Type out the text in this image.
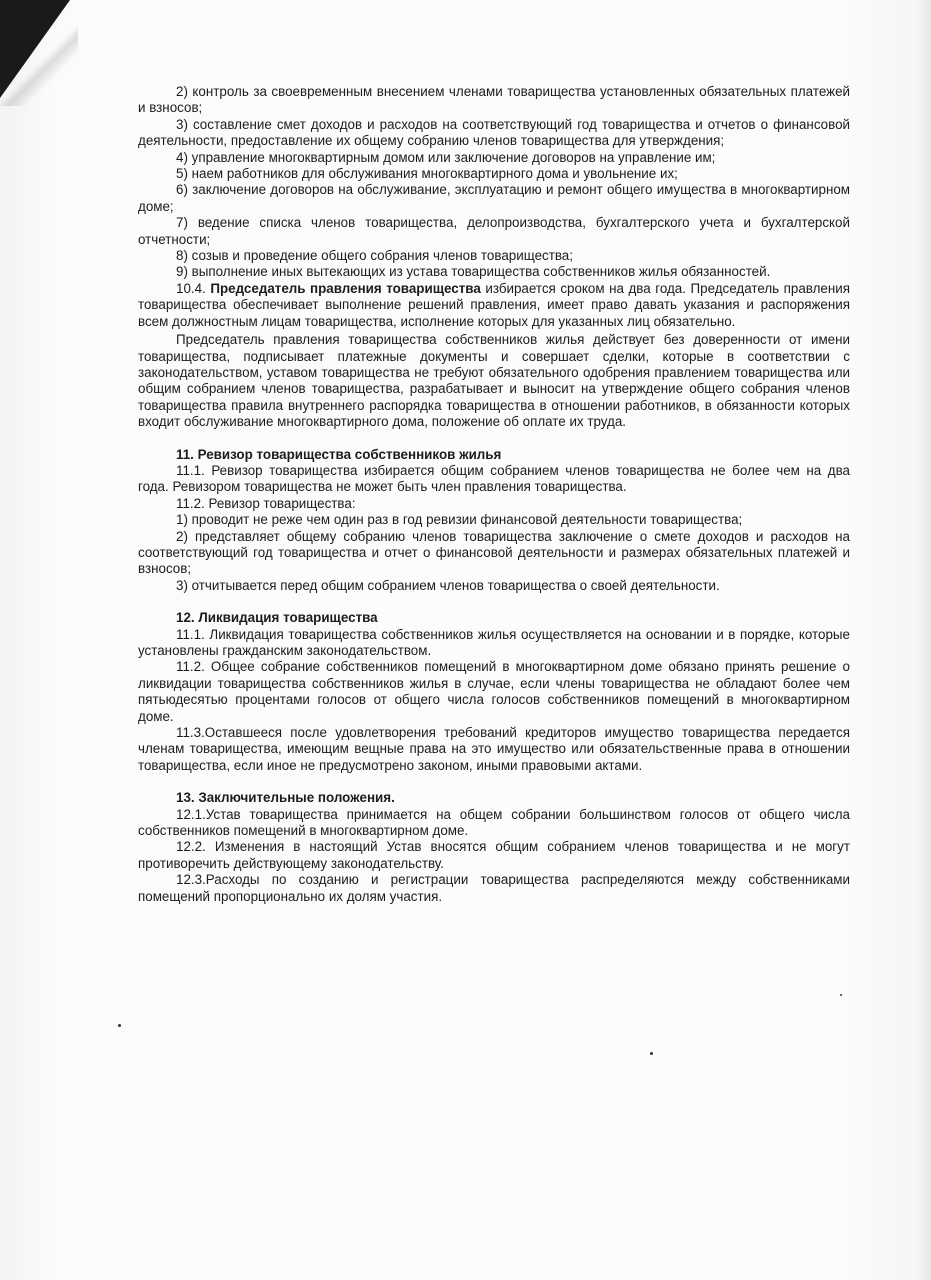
2) контроль за своевременным внесением членами товарищества установленных обязательных платежей и взносов;

3) составление смет доходов и расходов на соответствующий год товарищества и отчетов о финансовой деятельности, предоставление их общему собранию членов товарищества для утверждения;

4) управление многоквартирным домом или заключение договоров на управление им;

5) наем работников для обслуживания многоквартирного дома и увольнение их;

6) заключение договоров на обслуживание, эксплуатацию и ремонт общего имущества в многоквартирном доме;

7) ведение списка членов товарищества, делопроизводства, бухгалтерского учета и бухгалтерской отчетности;

8) созыв и проведение общего собрания членов товарищества;

9) выполнение иных вытекающих из устава товарищества собственников жилья обязанностей.

10.4. Председатель правления товарищества избирается сроком на два года. Председатель правления товарищества обеспечивает выполнение решений правления, имеет право давать указания и распоряжения всем должностным лицам товарищества, исполнение которых для указанных лиц обязательно.

Председатель правления товарищества собственников жилья действует без доверенности от имени товарищества, подписывает платежные документы и совершает сделки, которые в соответствии с законодательством, уставом товарищества не требуют обязательного одобрения правлением товарищества или общим собранием членов товарищества, разрабатывает и выносит на утверждение общего собрания членов товарищества правила внутреннего распорядка товарищества в отношении работников, в обязанности которых входит обслуживание многоквартирного дома, положение об оплате их труда.

11. Ревизор товарищества собственников жилья

11.1. Ревизор товарищества избирается общим собранием членов товарищества не более чем на два года. Ревизором товарищества не может быть член правления товарищества.

11.2. Ревизор товарищества:

1) проводит не реже чем один раз в год ревизии финансовой деятельности товарищества;

2) представляет общему собранию членов товарищества заключение о смете доходов и расходов на соответствующий год товарищества и отчет о финансовой деятельности и размерах обязательных платежей и взносов;

3) отчитывается перед общим собранием членов товарищества о своей деятельности.

12. Ликвидация товарищества

11.1. Ликвидация товарищества собственников жилья осуществляется на основании и в порядке, которые установлены гражданским законодательством.

11.2. Общее собрание собственников помещений в многоквартирном доме обязано принять решение о ликвидации товарищества собственников жилья в случае, если члены товарищества не обладают более чем пятьюдесятью процентами голосов от общего числа голосов собственников помещений в многоквартирном доме.

11.3.Оставшееся после удовлетворения требований кредиторов имущество товарищества передается членам товарищества, имеющим вещные права на это имущество или обязательственные права в отношении товарищества, если иное не предусмотрено законом, иными правовыми актами.

13. Заключительные положения.

12.1.Устав товарищества принимается на общем собрании большинством голосов от общего числа собственников помещений в многоквартирном доме.

12.2. Изменения в настоящий Устав вносятся общим собранием членов товарищества и не могут противоречить действующему законодательству.

12.3.Расходы по созданию и регистрации товарищества распределяются между собственниками помещений пропорционально их долям участия.
